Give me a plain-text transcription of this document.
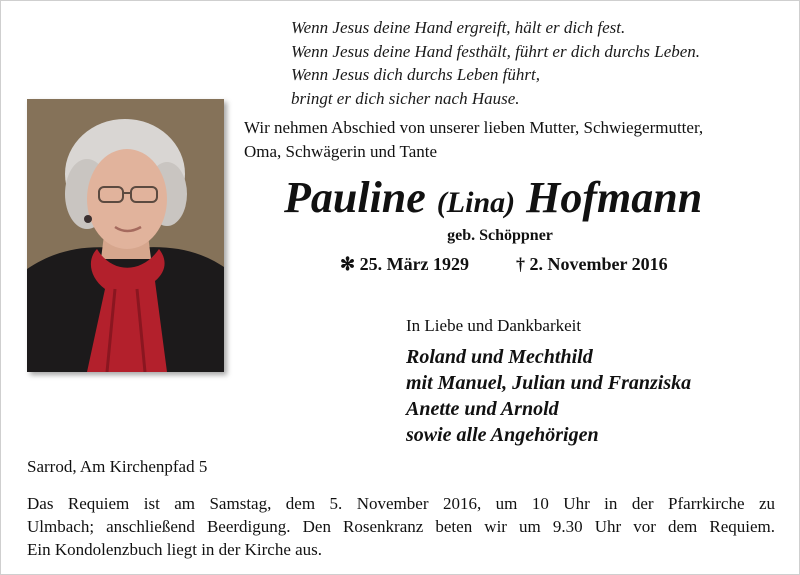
Wenn Jesus deine Hand ergreift, hält er dich fest.
Wenn Jesus deine Hand festhält, führt er dich durchs Leben.
Wenn Jesus dich durchs Leben führt,
bringt er dich sicher nach Hause.
Wir nehmen Abschied von unserer lieben Mutter, Schwiegermutter,
Oma, Schwägerin und Tante
Pauline (Lina) Hofmann
geb. Schöppner
✻ 25. März 1929	† 2. November 2016
In Liebe und Dankbarkeit
Roland und Mechthild
mit Manuel, Julian und Franziska
Anette und Arnold
sowie alle Angehörigen
Sarrod, Am Kirchenpfad 5
Das Requiem ist am Samstag, dem 5. November 2016, um 10 Uhr in der Pfarrkirche zu
Ulmbach; anschließend Beerdigung. Den Rosenkranz beten wir um 9.30 Uhr vor dem Requiem.
Ein Kondolenzbuch liegt in der Kirche aus.
